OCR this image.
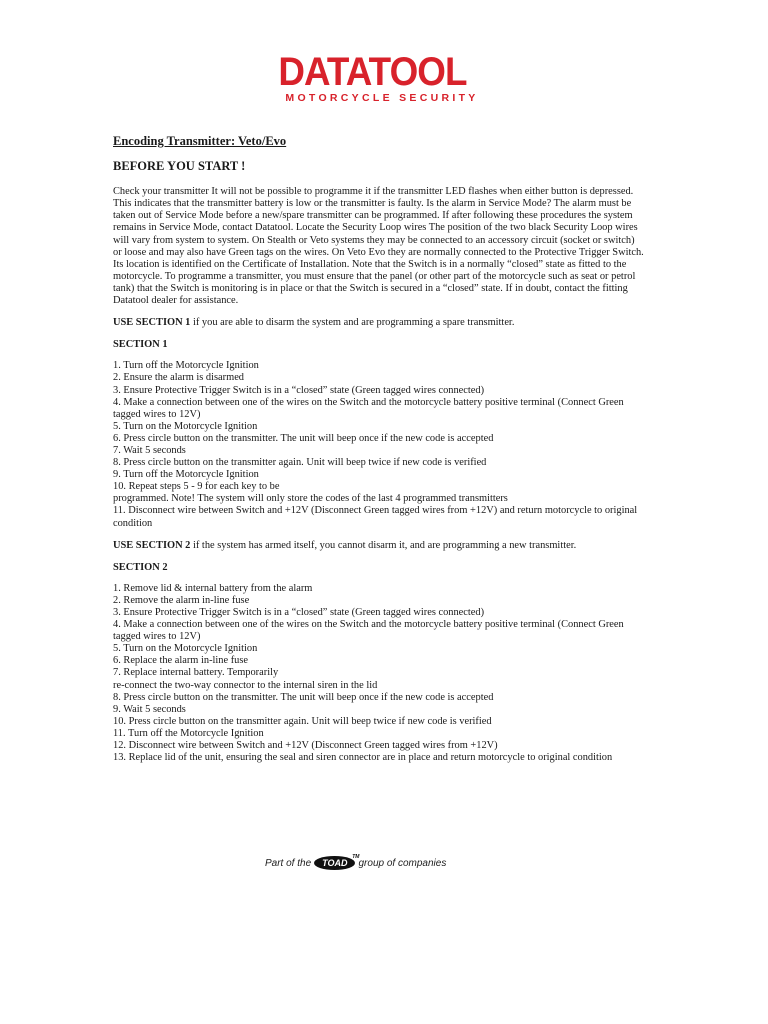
DATATOOL
MOTORCYCLE SECURITY
Encoding Transmitter: Veto/Evo
BEFORE YOU START !

Check your transmitter It will not be possible to programme it if the transmitter LED flashes when either button is depressed. This indicates that the transmitter battery is low or the transmitter is faulty. Is the alarm in Service Mode? The alarm must be taken out of Service Mode before a new/spare transmitter can be programmed. If after following these procedures the system remains in Service Mode, contact Datatool. Locate the Security Loop wires The position of the two black Security Loop wires will vary from system to system. On Stealth or Veto systems they may be connected to an accessory circuit (socket or switch) or loose and may also have Green tags on the wires. On Veto Evo they are normally connected to the Protective Trigger Switch. Its location is identified on the Certificate of Installation. Note that the Switch is in a normally “closed” state as fitted to the motorcycle. To programme a transmitter, you must ensure that the panel (or other part of the motorcycle such as seat or petrol tank) that the Switch is monitoring is in place or that the Switch is secured in a “closed” state. If in doubt, contact the fitting Datatool dealer for assistance.

USE SECTION 1 if you are able to disarm the system and are programming a spare transmitter.

SECTION 1
1. Turn off the Motorcycle Ignition
2. Ensure the alarm is disarmed
3. Ensure Protective Trigger Switch is in a “closed” state (Green tagged wires connected)
4. Make a connection between one of the wires on the Switch and the motorcycle battery positive terminal (Connect Green tagged wires to 12V)
5. Turn on the Motorcycle Ignition
6. Press circle button on the transmitter. The unit will beep once if the new code is accepted
7. Wait 5 seconds
8. Press circle button on the transmitter again. Unit will beep twice if new code is verified
9. Turn off the Motorcycle Ignition
10. Repeat steps 5 - 9 for each key to be
programmed. Note! The system will only store the codes of the last 4 programmed transmitters
11. Disconnect wire between Switch and +12V (Disconnect Green tagged wires from +12V) and return motorcycle to original condition

USE SECTION 2 if the system has armed itself, you cannot disarm it, and are programming a new transmitter.

SECTION 2
1. Remove lid & internal battery from the alarm
2. Remove the alarm in-line fuse
3. Ensure Protective Trigger Switch is in a “closed” state (Green tagged wires connected)
4. Make a connection between one of the wires on the Switch and the motorcycle battery positive terminal (Connect Green tagged wires to 12V)
5. Turn on the Motorcycle Ignition
6. Replace the alarm in-line fuse
7. Replace internal battery. Temporarily
re-connect the two-way connector to the internal siren in the lid
8. Press circle button on the transmitter. The unit will beep once if the new code is accepted
9. Wait 5 seconds
10. Press circle button on the transmitter again. Unit will beep twice if new code is verified
11. Turn off the Motorcycle Ignition
12. Disconnect wire between Switch and +12V (Disconnect Green tagged wires from +12V)
13. Replace lid of the unit, ensuring the seal and siren connector are in place and return motorcycle to original condition
Part of the	TOAD
TM
group of companies
